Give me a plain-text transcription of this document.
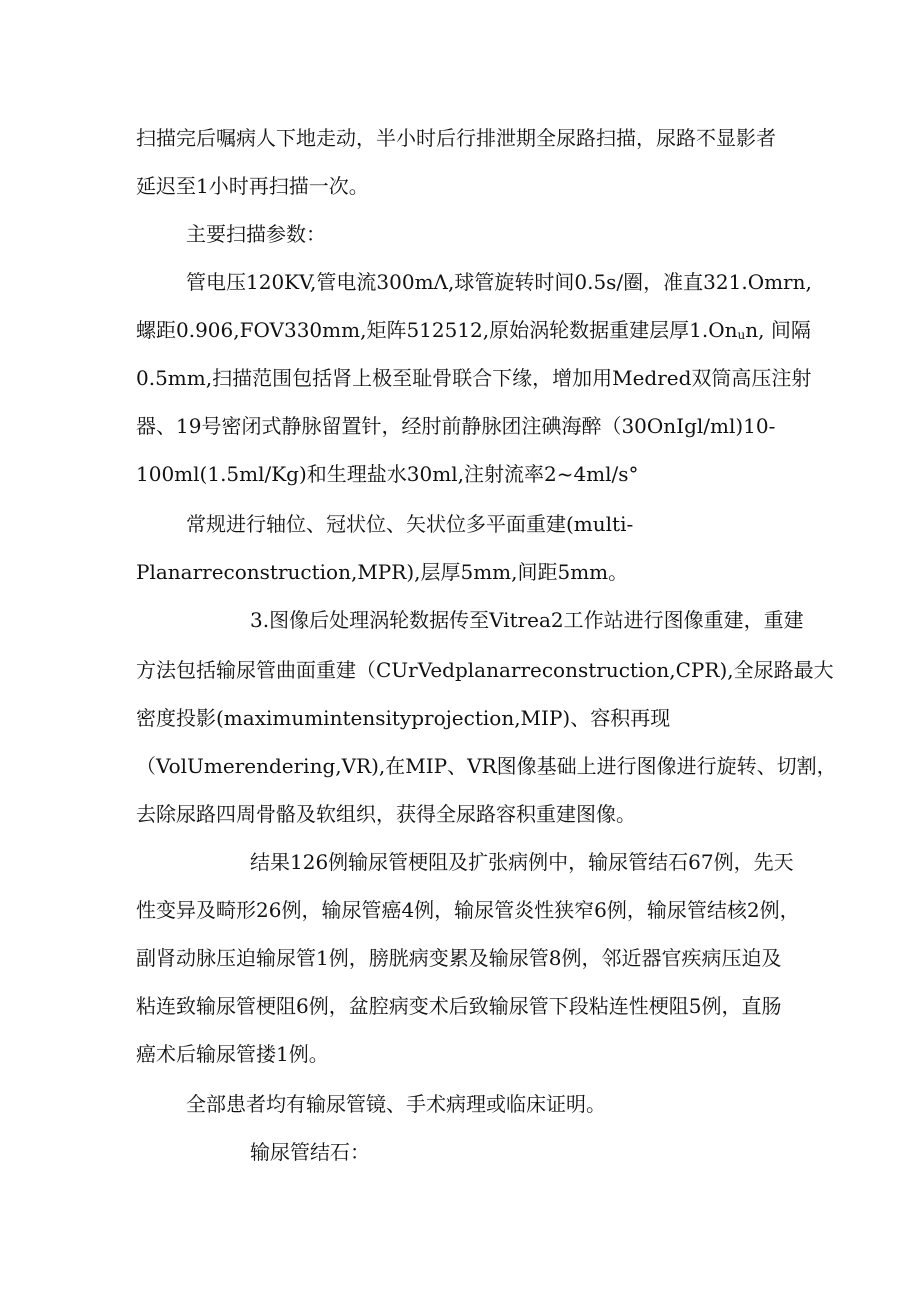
扫描完后嘱病人下地走动，半小时后行排泄期全尿路扫描，尿路不显影者
延迟至1小时再扫描一次。
主要扫描参数：
管电压120KV,管电流300mΛ,球管旋转时间0.5s∕圈，准直321.Omrn,
螺距0.906,FOV330mm,矩阵512512,原始涡轮数据重建层厚$1.On_un$, 间隔
0.5mm,扫描范围包括肾上极至耻骨联合下缘，增加用Medred双筒高压注射
器、19号密闭式静脉留置针，经肘前静脉团注碘海醉（30OnIgl/ml)10-
100ml(1.5ml∕Kg)和生理盐水30ml,注射流率2~4ml∕s°
常规进行轴位、冠状位、矢状位多平面重建(multi-
Planarreconstruction,MPR),层厚5mm,间距5mm。
3.图像后处理涡轮数据传至Vitrea2工作站进行图像重建，重建
方法包括输尿管曲面重建（CUrVedplanarreconstruction,CPR),全尿路最大
密度投影(maximumintensityprojection,MIP)、容积再现
（VolUmerendering,VR),在MIP、VR图像基础上进行图像进行旋转、切割，
去除尿路四周骨骼及软组织，获得全尿路容积重建图像。
结果126例输尿管梗阻及扩张病例中，输尿管结石67例，先天
性变异及畸形26例，输尿管癌4例，输尿管炎性狭窄6例，输尿管结核2例，
副肾动脉压迫输尿管1例，膀胱病变累及输尿管8例，邻近器官疾病压迫及
粘连致输尿管梗阻6例，盆腔病变术后致输尿管下段粘连性梗阻5例，直肠
癌术后输尿管搂1例。
全部患者均有输尿管镜、手术病理或临床证明。
输尿管结石：
